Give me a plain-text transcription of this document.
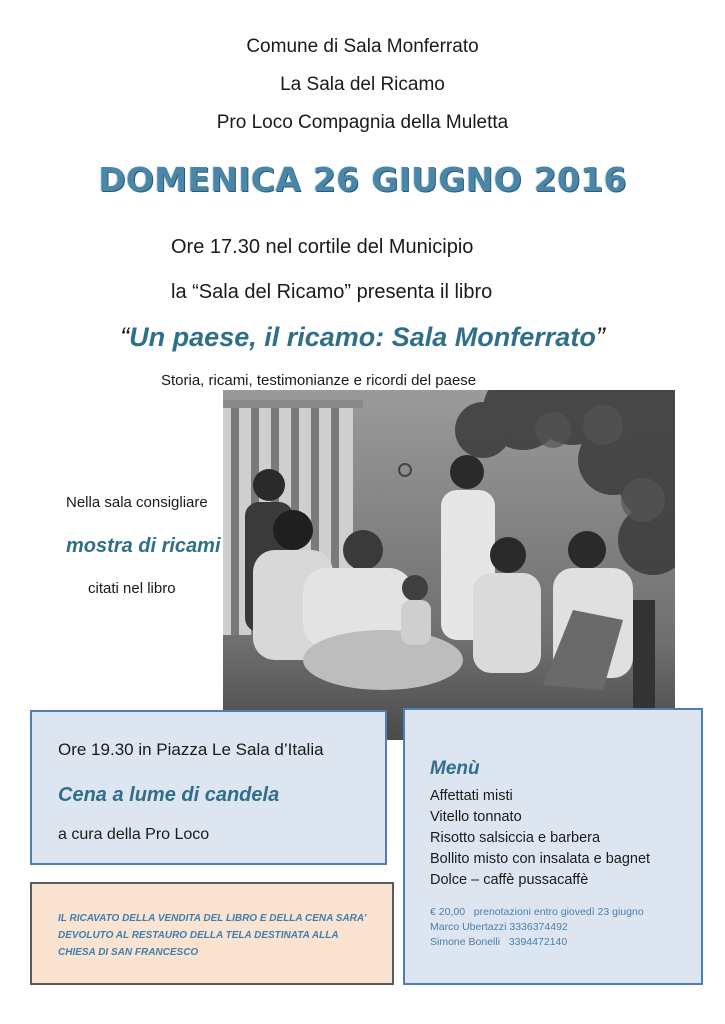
Comune di Sala Monferrato
La Sala del Ricamo
Pro Loco Compagnia della Muletta
DOMENICA 26 GIUGNO 2016
Ore 17.30 nel cortile del Municipio
la “Sala del Ricamo” presenta il libro
“Un paese, il ricamo: Sala Monferrato”
Storia, ricami, testimonianze e ricordi del paese
Nella sala consigliare
mostra di ricami
citati nel libro
Ore 19.30 in Piazza Le Sala d’Italia
Cena a lume di candela
a cura della Pro Loco
Menù
Affettati misti
Vitello tonnato
Risotto salsiccia e barbera
Bollito misto con insalata e bagnet
Dolce – caffè pussacaffè
€ 20,00   prenotazioni entro giovedì 23 giugno
Marco Ubertazzi 3336374492
Simone Bonelli   3394472140
IL RICAVATO DELLA VENDITA DEL LIBRO E DELLA CENA SARA’ DEVOLUTO AL RESTAURO DELLA TELA DESTINATA ALLA CHIESA DI SAN FRANCESCO
